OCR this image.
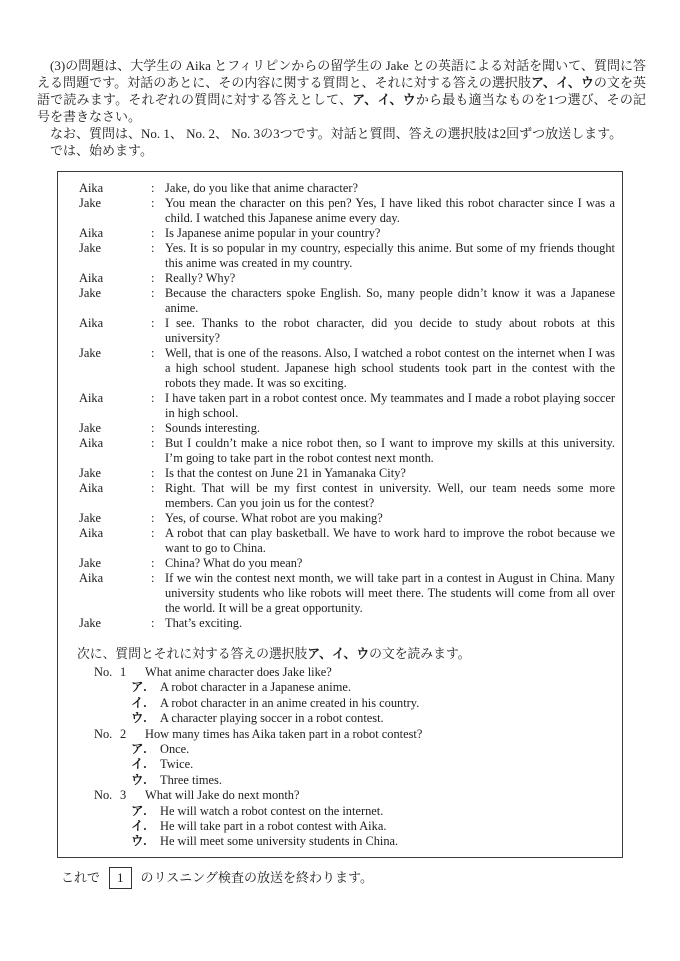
　(3)の問題は、大学生の Aika とフィリピンからの留学生の Jake との英語による対話を聞いて、質問に答える問題です。対話のあとに、その内容に関する質問と、それに対する答えの選択肢ア、イ、ウの文を英語で読みます。それぞれの質問に対する答えとして、ア、イ、ウから最も適当なものを1つ選び、その記号を書きなさい。

　なお、質問は、No. 1、 No. 2、 No. 3の3つです。対話と質問、答えの選択肢は2回ずつ放送します。

　では、始めます。

Aika	: Jake, do you like that anime character?
Jake	: You mean the character on this pen? Yes, I have liked this robot character since I was a child. I watched this Japanese anime every day.
Aika	: Is Japanese anime popular in your country?
Jake	: Yes. It is so popular in my country, especially this anime. But some of my friends thought this anime was created in my country.
Aika	: Really? Why?
Jake	: Because the characters spoke English. So, many people didn’t know it was a Japanese anime.
Aika	: I see. Thanks to the robot character, did you decide to study about robots at this university?
Jake	: Well, that is one of the reasons. Also, I watched a robot contest on the internet when I was a high school student. Japanese high school students took part in the contest with the robots they made. It was so exciting.
Aika	: I have taken part in a robot contest once. My teammates and I made a robot playing soccer in high school.
Jake	: Sounds interesting.
Aika	: But I couldn’t make a nice robot then, so I want to improve my skills at this university. I’m going to take part in the robot contest next month.
Jake	: Is that the contest on June 21 in Yamanaka City?
Aika	: Right. That will be my first contest in university. Well, our team needs some more members. Can you join us for the contest?
Jake	: Yes, of course. What robot are you making?
Aika	: A robot that can play basketball. We have to work hard to improve the robot because we want to go to China.
Jake	: China? What do you mean?
Aika	: If we win the contest next month, we will take part in a contest in August in China. Many university students who like robots will meet there. The students will come from all over the world. It will be a great opportunity.
Jake	: That’s exciting.
次に、質問とそれに対する答えの選択肢ア、イ、ウの文を読みます。
No. 1	What anime character does Jake like?
ア.	A robot character in a Japanese anime.
イ.	A robot character in an anime created in his country.
ウ.	A character playing soccer in a robot contest.
No. 2	How many times has Aika taken part in a robot contest?
ア.	Once.
イ.	Twice.
ウ.	Three times.
No. 3	What will Jake do next month?
ア.	He will watch a robot contest on the internet.
イ.	He will take part in a robot contest with Aika.
ウ.	He will meet some university students in China.
これで	1	のリスニング検査の放送を終わります。
